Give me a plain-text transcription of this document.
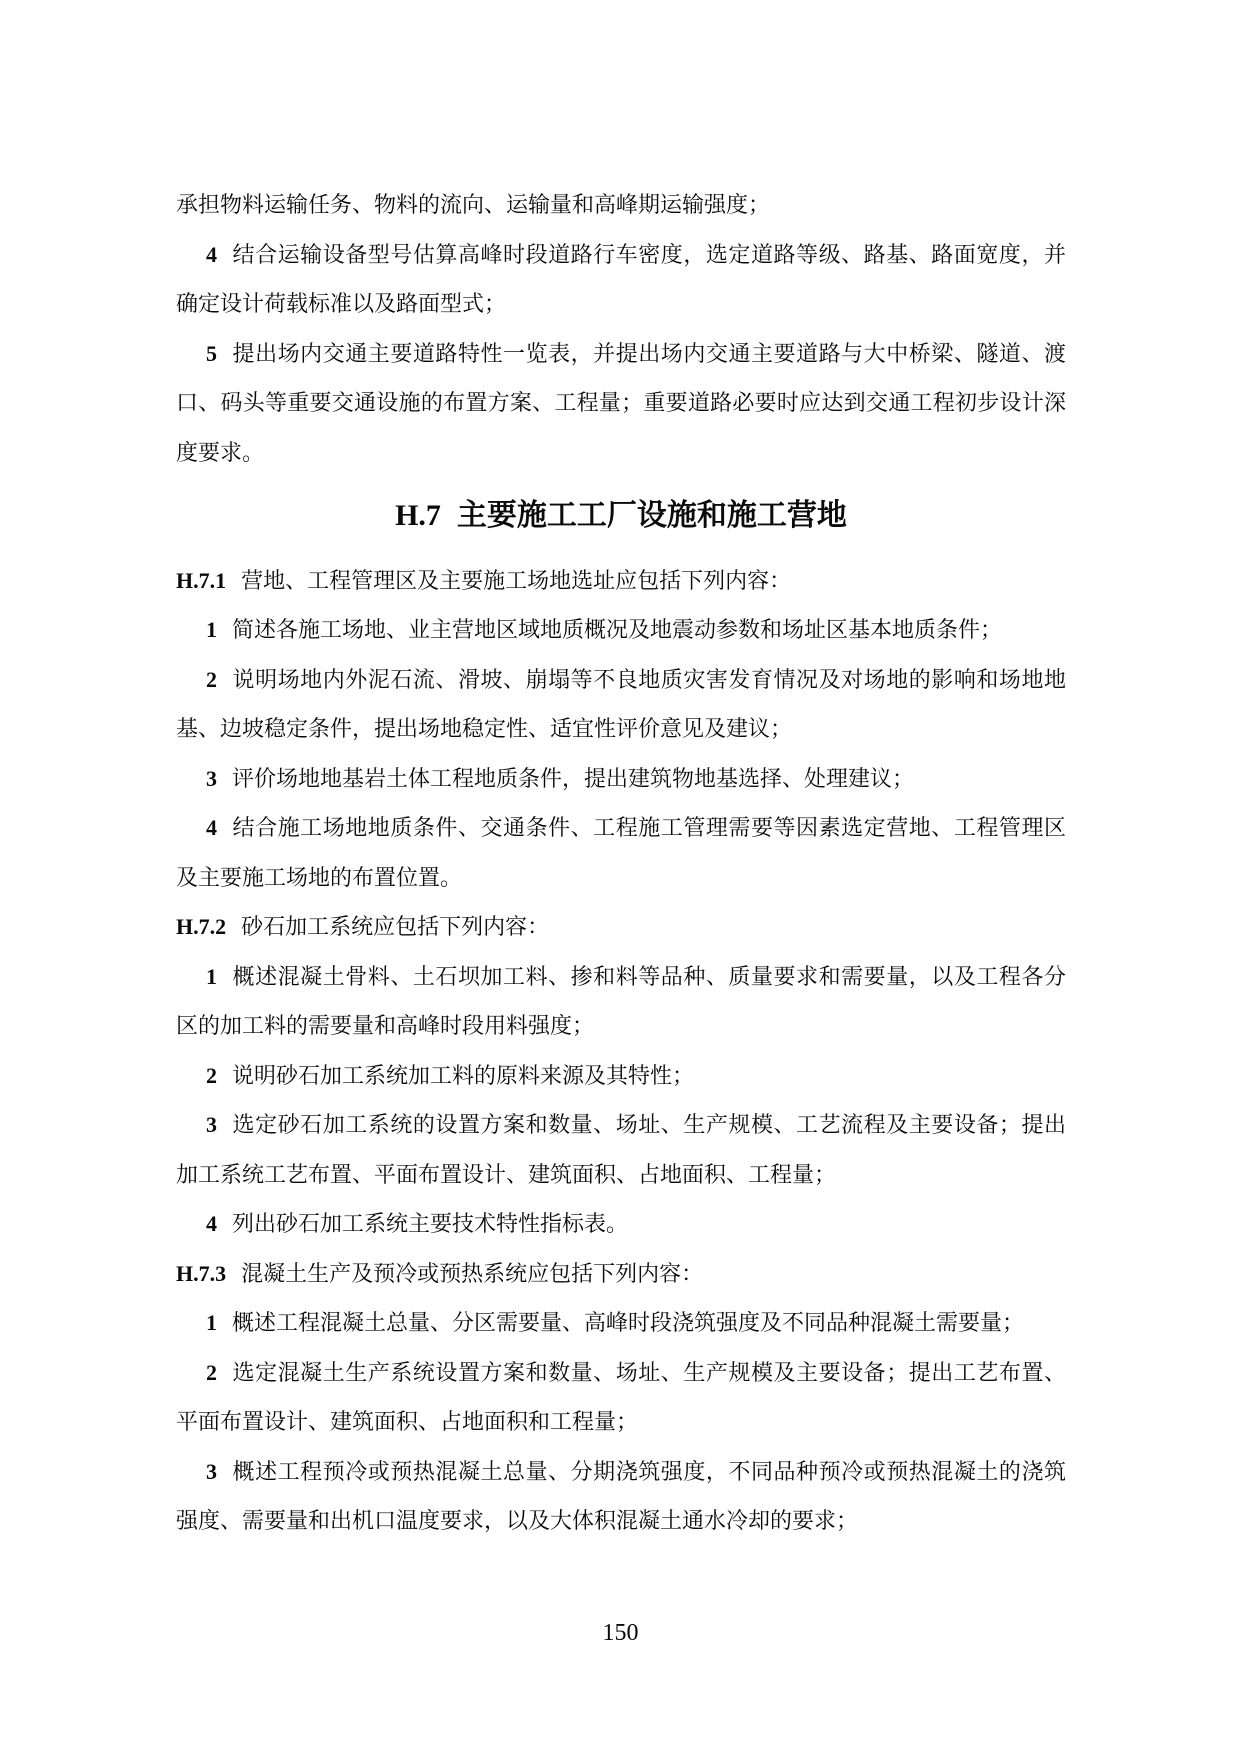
承担物料运输任务、物料的流向、运输量和高峰期运输强度；
4 结合运输设备型号估算高峰时段道路行车密度，选定道路等级、路基、路面宽度，并
确定设计荷载标准以及路面型式；
5 提出场内交通主要道路特性一览表，并提出场内交通主要道路与大中桥梁、隧道、渡
口、码头等重要交通设施的布置方案、工程量；重要道路必要时应达到交通工程初步设计深
度要求。
H.7 主要施工工厂设施和施工营地
H.7.1 营地、工程管理区及主要施工场地选址应包括下列内容：
1 简述各施工场地、业主营地区域地质概况及地震动参数和场址区基本地质条件；
2 说明场地内外泥石流、滑坡、崩塌等不良地质灾害发育情况及对场地的影响和场地地
基、边坡稳定条件，提出场地稳定性、适宜性评价意见及建议；
3 评价场地地基岩土体工程地质条件，提出建筑物地基选择、处理建议；
4 结合施工场地地质条件、交通条件、工程施工管理需要等因素选定营地、工程管理区
及主要施工场地的布置位置。
H.7.2 砂石加工系统应包括下列内容：
1 概述混凝土骨料、土石坝加工料、掺和料等品种、质量要求和需要量，以及工程各分
区的加工料的需要量和高峰时段用料强度；
2 说明砂石加工系统加工料的原料来源及其特性；
3 选定砂石加工系统的设置方案和数量、场址、生产规模、工艺流程及主要设备；提出
加工系统工艺布置、平面布置设计、建筑面积、占地面积、工程量；
4 列出砂石加工系统主要技术特性指标表。
H.7.3 混凝土生产及预冷或预热系统应包括下列内容：
1 概述工程混凝土总量、分区需要量、高峰时段浇筑强度及不同品种混凝土需要量；
2 选定混凝土生产系统设置方案和数量、场址、生产规模及主要设备；提出工艺布置、
平面布置设计、建筑面积、占地面积和工程量；
3 概述工程预冷或预热混凝土总量、分期浇筑强度，不同品种预冷或预热混凝土的浇筑
强度、需要量和出机口温度要求，以及大体积混凝土通水冷却的要求；
150
